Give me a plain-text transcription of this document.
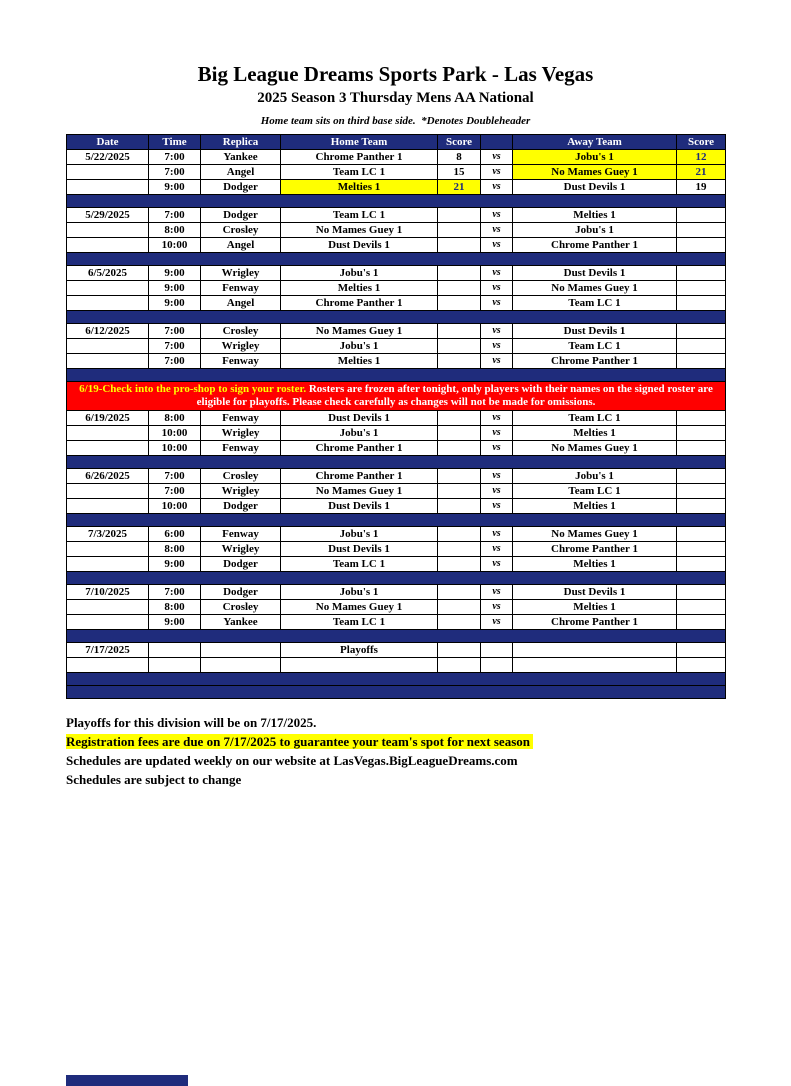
Big League Dreams Sports Park - Las Vegas
2025 Season 3 Thursday Mens AA National
Home team sits on third base side.  *Denotes Doubleheader
Date	Time	Replica	Home Team	Score		Away Team	Score
5/22/2025	7:00	Yankee	Chrome Panther 1	8	vs	Jobu's 1	12
	7:00	Angel	Team LC 1	15	vs	No Mames Guey 1	21
	9:00	Dodger	Melties 1	21	vs	Dust Devils 1	19

5/29/2025	7:00	Dodger	Team LC 1		vs	Melties 1	
	8:00	Crosley	No Mames Guey 1		vs	Jobu's 1	
	10:00	Angel	Dust Devils 1		vs	Chrome Panther 1	

6/5/2025	9:00	Wrigley	Jobu's 1		vs	Dust Devils 1	
	9:00	Fenway	Melties 1		vs	No Mames Guey 1	
	9:00	Angel	Chrome Panther 1		vs	Team LC 1	

6/12/2025	7:00	Crosley	No Mames Guey 1		vs	Dust Devils 1	
	7:00	Wrigley	Jobu's 1		vs	Team LC 1	
	7:00	Fenway	Melties 1		vs	Chrome Panther 1	

6/19-Check into the pro-shop to sign your roster. Rosters are frozen after tonight, only players with their names on the signed roster are eligible for playoffs. Please check carefully as changes will not be made for omissions.							
6/19/2025	8:00	Fenway	Dust Devils 1		vs	Team LC 1	
	10:00	Wrigley	Jobu's 1		vs	Melties 1	
	10:00	Fenway	Chrome Panther 1		vs	No Mames Guey 1	

6/26/2025	7:00	Crosley	Chrome Panther 1		vs	Jobu's 1	
	7:00	Wrigley	No Mames Guey 1		vs	Team LC 1	
	10:00	Dodger	Dust Devils 1		vs	Melties 1	

7/3/2025	6:00	Fenway	Jobu's 1		vs	No Mames Guey 1	
	8:00	Wrigley	Dust Devils 1		vs	Chrome Panther 1	
	9:00	Dodger	Team LC 1		vs	Melties 1	

7/10/2025	7:00	Dodger	Jobu's 1		vs	Dust Devils 1	
	8:00	Crosley	No Mames Guey 1		vs	Melties 1	
	9:00	Yankee	Team LC 1		vs	Chrome Panther 1	

7/17/2025			Playoffs				

Playoffs for this division will be on 7/17/2025.
Registration fees are due on 7/17/2025 to guarantee your team's spot for next season
Schedules are updated weekly on our website at LasVegas.BigLeagueDreams.com
Schedules are subject to change
